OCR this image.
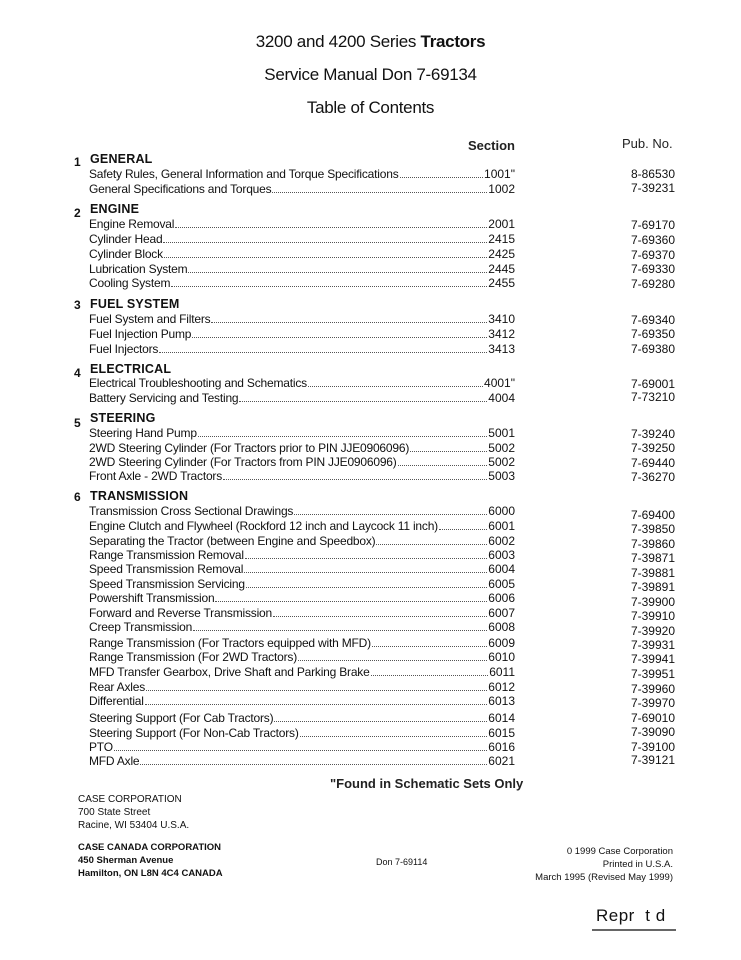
3200 and 4200 Series Tractors
Service Manual Don 7-69134
Table of Contents
Section	Pub. No.
1 GENERAL
Safety Rules, General Information and Torque Specifications	1001"	8-86530
General Specifications and Torques	1002	7-39231
2 ENGINE
Engine Removal	2001	7-69170
Cylinder Head	2415	7-69360
Cylinder Block	2425	7-69370
Lubrication System	2445	7-69330
Cooling System	2455	7-69280
3 FUEL SYSTEM
Fuel System and Filters	3410	7-69340
Fuel Injection Pump	3412	7-69350
Fuel Injectors	3413	7-69380
4 ELECTRICAL
Electrical Troubleshooting and Schematics	4001"	7-69001
Battery Servicing and Testing	4004	7-73210
5 STEERING
Steering Hand Pump	5001	7-39240
2WD Steering Cylinder (For Tractors prior to PIN JJE0906096)	5002	7-39250
2WD Steering Cylinder (For Tractors from PIN JJE0906096)	5002	7-69440
Front Axle - 2WD Tractors	5003	7-36270
6 TRANSMISSION
Transmission Cross Sectional Drawings	6000	7-69400
Engine Clutch and Flywheel (Rockford 12 inch and Laycock 11 inch)	6001	7-39850
Separating the Tractor (between Engine and Speedbox)	6002	7-39860
Range Transmission Removal	6003	7-39871
Speed Transmission Removal	6004	7-39881
Speed Transmission Servicing	6005	7-39891
Powershift Transmission	6006	7-39900
Forward and Reverse Transmission	6007	7-39910
Creep Transmission	6008	7-39920
Range Transmission (For Tractors equipped with MFD)	6009	7-39931
Range Transmission (For 2WD Tractors)	6010	7-39941
MFD Transfer Gearbox, Drive Shaft and Parking Brake	6011	7-39951
Rear Axles	6012	7-39960
Differential	6013	7-39970
Steering Support (For Cab Tractors)	6014	7-69010
Steering Support (For Non-Cab Tractors)	6015	7-39090
PTO	6016	7-39100
MFD Axle	6021	7-39121
"Found in Schematic Sets Only
CASE CORPORATION
700 State Street
Racine, WI 53404 U.S.A.
CASE CANADA CORPORATION
450 Sherman Avenue
Hamilton, ON L8N 4C4 CANADA
Don 7-69114
0 1999 Case Corporation
Printed in U.S.A.
March 1995 (Revised May 1999)
Repr  t d
